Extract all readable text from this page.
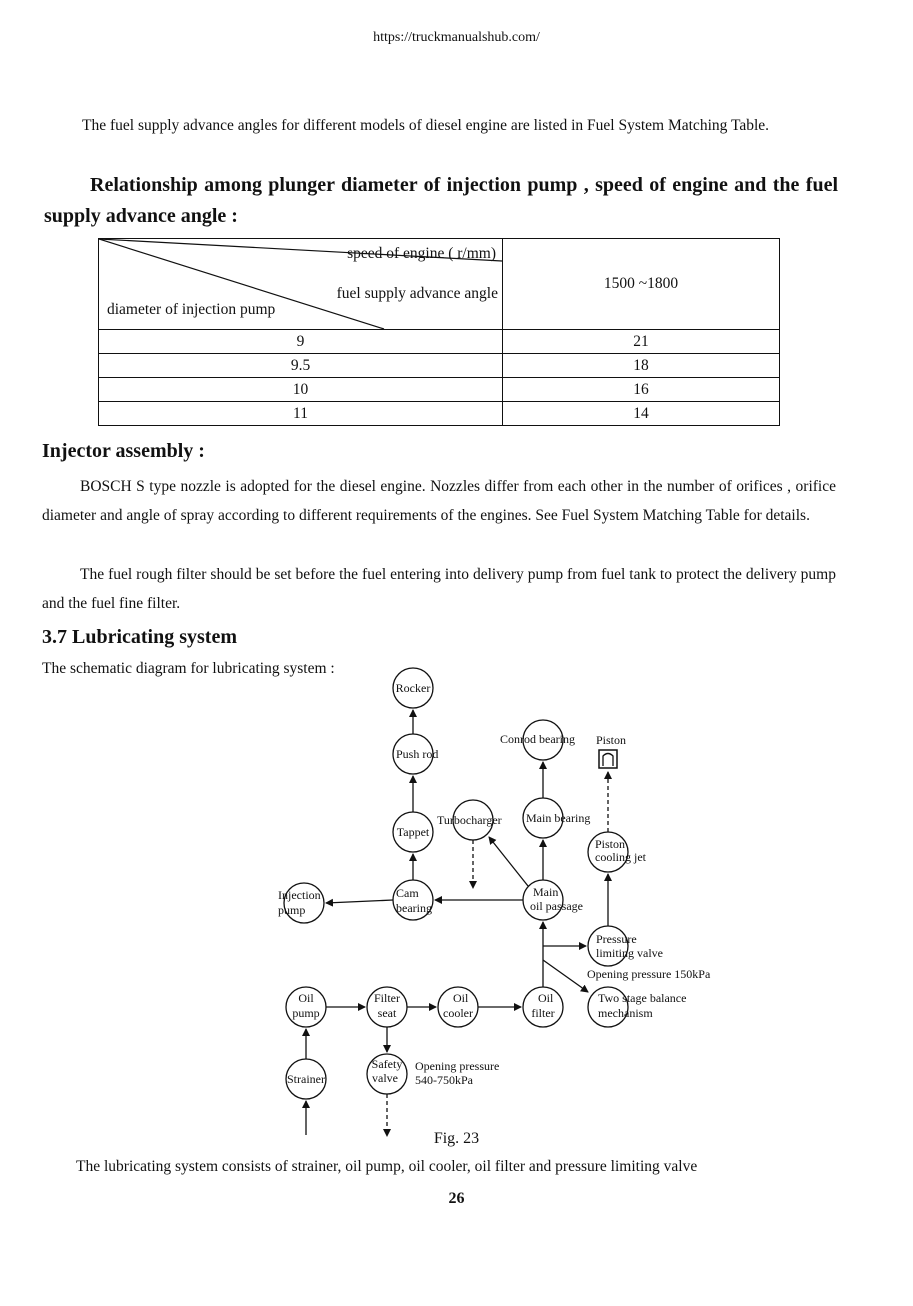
https://truckmanualshub.com/
The fuel supply advance angles for different models of diesel engine are listed in Fuel System Matching Table.
Relationship among plunger diameter of injection pump , speed of engine and the fuel supply advance angle :
speed of engine ( r/mm)
fuel supply advance angle
diameter of injection pump	1500 ~1800
9	21
9.5	18
10	16
11	14
Injector assembly :
BOSCH S type nozzle is adopted for the diesel engine. Nozzles differ from each other in the number of orifices , orifice diameter and angle of spray according to different requirements of the engines. See Fuel System Matching Table for details.
The fuel rough filter should be set before the fuel entering into delivery pump from fuel tank to protect the delivery pump and the fuel fine filter.
3.7 Lubricating system
The schematic diagram for lubricating system :
Rocker
Push rod
Tappet
Cam
bearing
Injection
pump
Turbocharger
Conrod bearing Piston
Main bearing
Piston
cooling jet
Main
oil passage
Pressure
limiting valve
Opening pressure 150kPa
Two stage balance
mechanism
Oil
pump
Filter
seat
Oil
cooler
Oil
filter
Safety
valve
Opening pressure
540-750kPa
Strainer
Fig. 23
The lubricating system consists of strainer, oil pump, oil cooler, oil filter and pressure limiting valve
26
